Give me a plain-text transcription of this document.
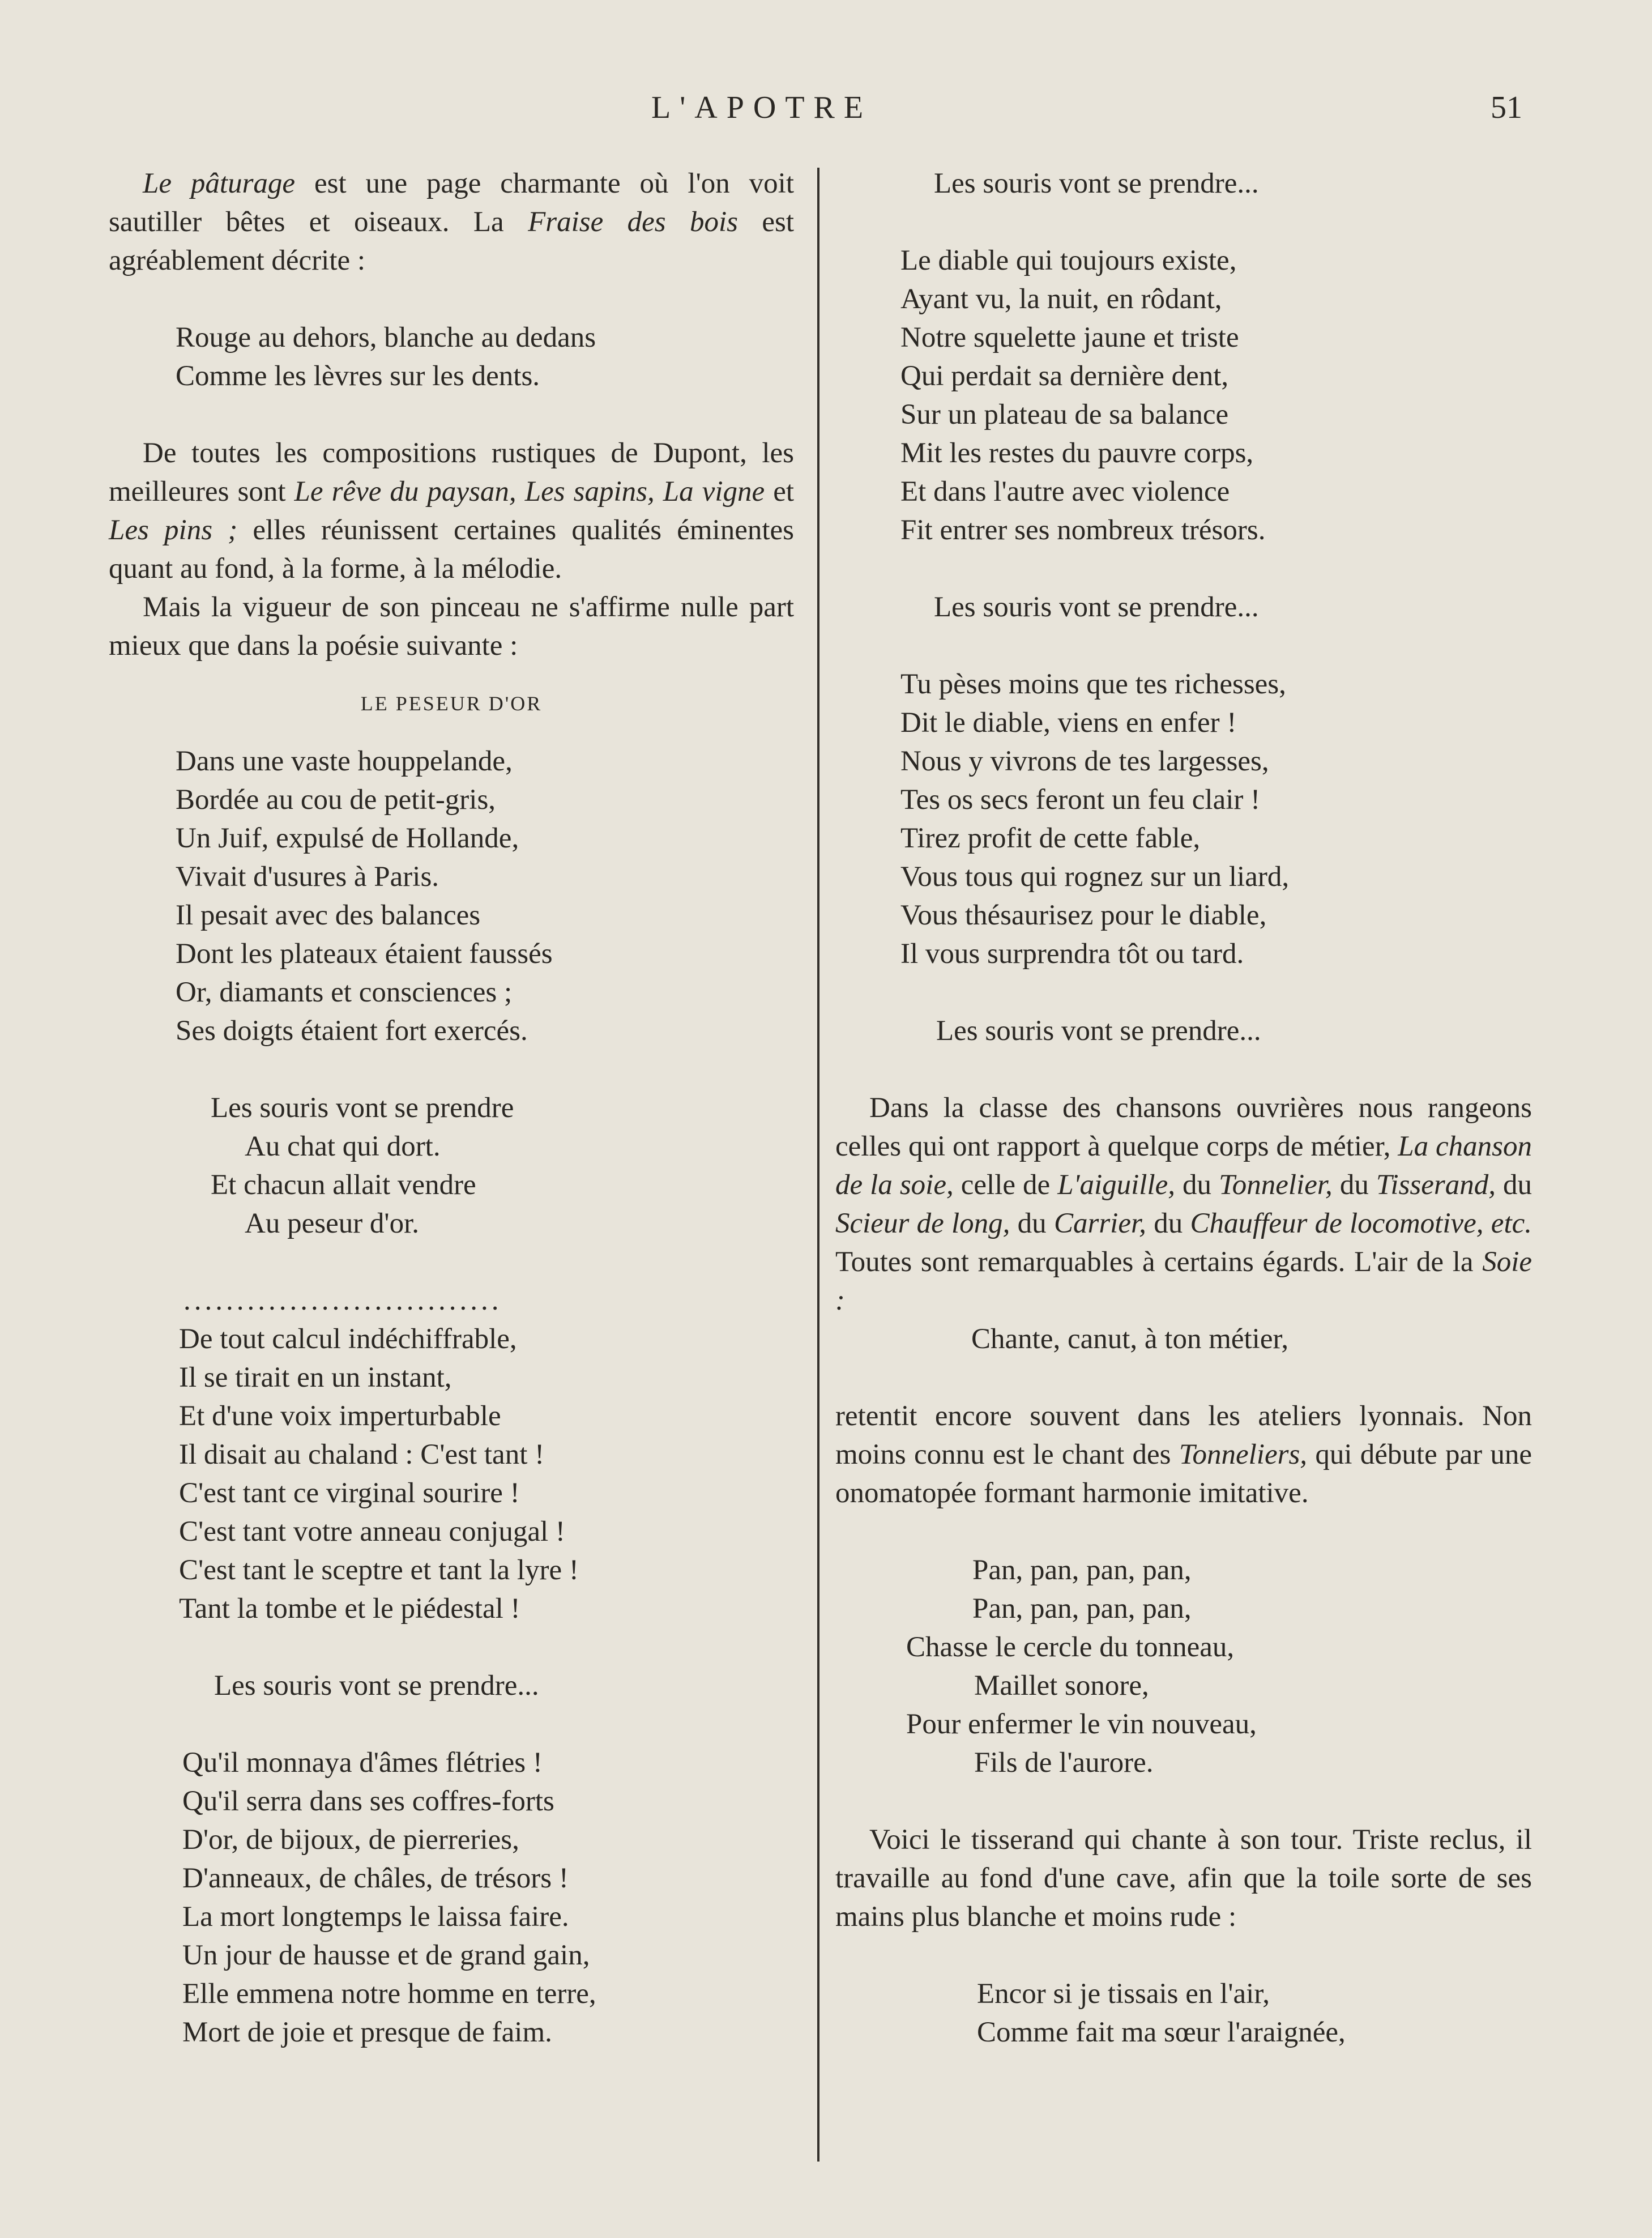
L'APOTRE	51

Le pâturage est une page charmante où l'on voit sautiller bêtes et oiseaux. La Fraise des bois est agréablement décrite :

Rouge au dehors, blanche au dedans
Comme les lèvres sur les dents.

De toutes les compositions rustiques de Dupont, les meilleures sont Le rêve du paysan, Les sapins, La vigne et Les pins ; elles réunissent certaines qualités éminentes quant au fond, à la forme, à la mélodie.

Mais la vigueur de son pinceau ne s'affirme nulle part mieux que dans la poésie suivante :

LE PESEUR D'OR

Dans une vaste houppelande,
Bordée au cou de petit-gris,
Un Juif, expulsé de Hollande,
Vivait d'usures à Paris.
Il pesait avec des balances
Dont les plateaux étaient faussés
Or, diamants et consciences ;
Ses doigts étaient fort exercés.
Les souris vont se prendre
Au chat qui dort.
Et chacun allait vendre
Au peseur d'or.
..............................
De tout calcul indéchiffrable,
Il se tirait en un instant,
Et d'une voix imperturbable
Il disait au chaland : C'est tant !
C'est tant ce virginal sourire !
C'est tant votre anneau conjugal !
C'est tant le sceptre et tant la lyre !
Tant la tombe et le piédestal !
Les souris vont se prendre...
Qu'il monnaya d'âmes flétries !
Qu'il serra dans ses coffres-forts
D'or, de bijoux, de pierreries,
D'anneaux, de châles, de trésors !
La mort longtemps le laissa faire.
Un jour de hausse et de grand gain,
Elle emmena notre homme en terre,
Mort de joie et presque de faim.
Les souris vont se prendre...
Le diable qui toujours existe,
Ayant vu, la nuit, en rôdant,
Notre squelette jaune et triste
Qui perdait sa dernière dent,
Sur un plateau de sa balance
Mit les restes du pauvre corps,
Et dans l'autre avec violence
Fit entrer ses nombreux trésors.
Les souris vont se prendre...
Tu pèses moins que tes richesses,
Dit le diable, viens en enfer !
Nous y vivrons de tes largesses,
Tes os secs feront un feu clair !
Tirez profit de cette fable,
Vous tous qui rognez sur un liard,
Vous thésaurisez pour le diable,
Il vous surprendra tôt ou tard.
Les souris vont se prendre...

Dans la classe des chansons ouvrières nous rangeons celles qui ont rapport à quelque corps de métier, La chanson de la soie, celle de L'aiguille, du Tonnelier, du Tisserand, du Scieur de long, du Carrier, du Chauffeur de locomotive, etc. Toutes sont remarquables à certains égards. L'air de la Soie :

Chante, canut, à ton métier,

retentit encore souvent dans les ateliers lyonnais. Non moins connu est le chant des Tonneliers, qui débute par une onomatopée formant harmonie imitative.

Pan, pan, pan, pan,
Pan, pan, pan, pan,
Chasse le cercle du tonneau,
Maillet sonore,
Pour enfermer le vin nouveau,
Fils de l'aurore.

Voici le tisserand qui chante à son tour. Triste reclus, il travaille au fond d'une cave, afin que la toile sorte de ses mains plus blanche et moins rude :

Encor si je tissais en l'air,
Comme fait ma sœur l'araignée,
